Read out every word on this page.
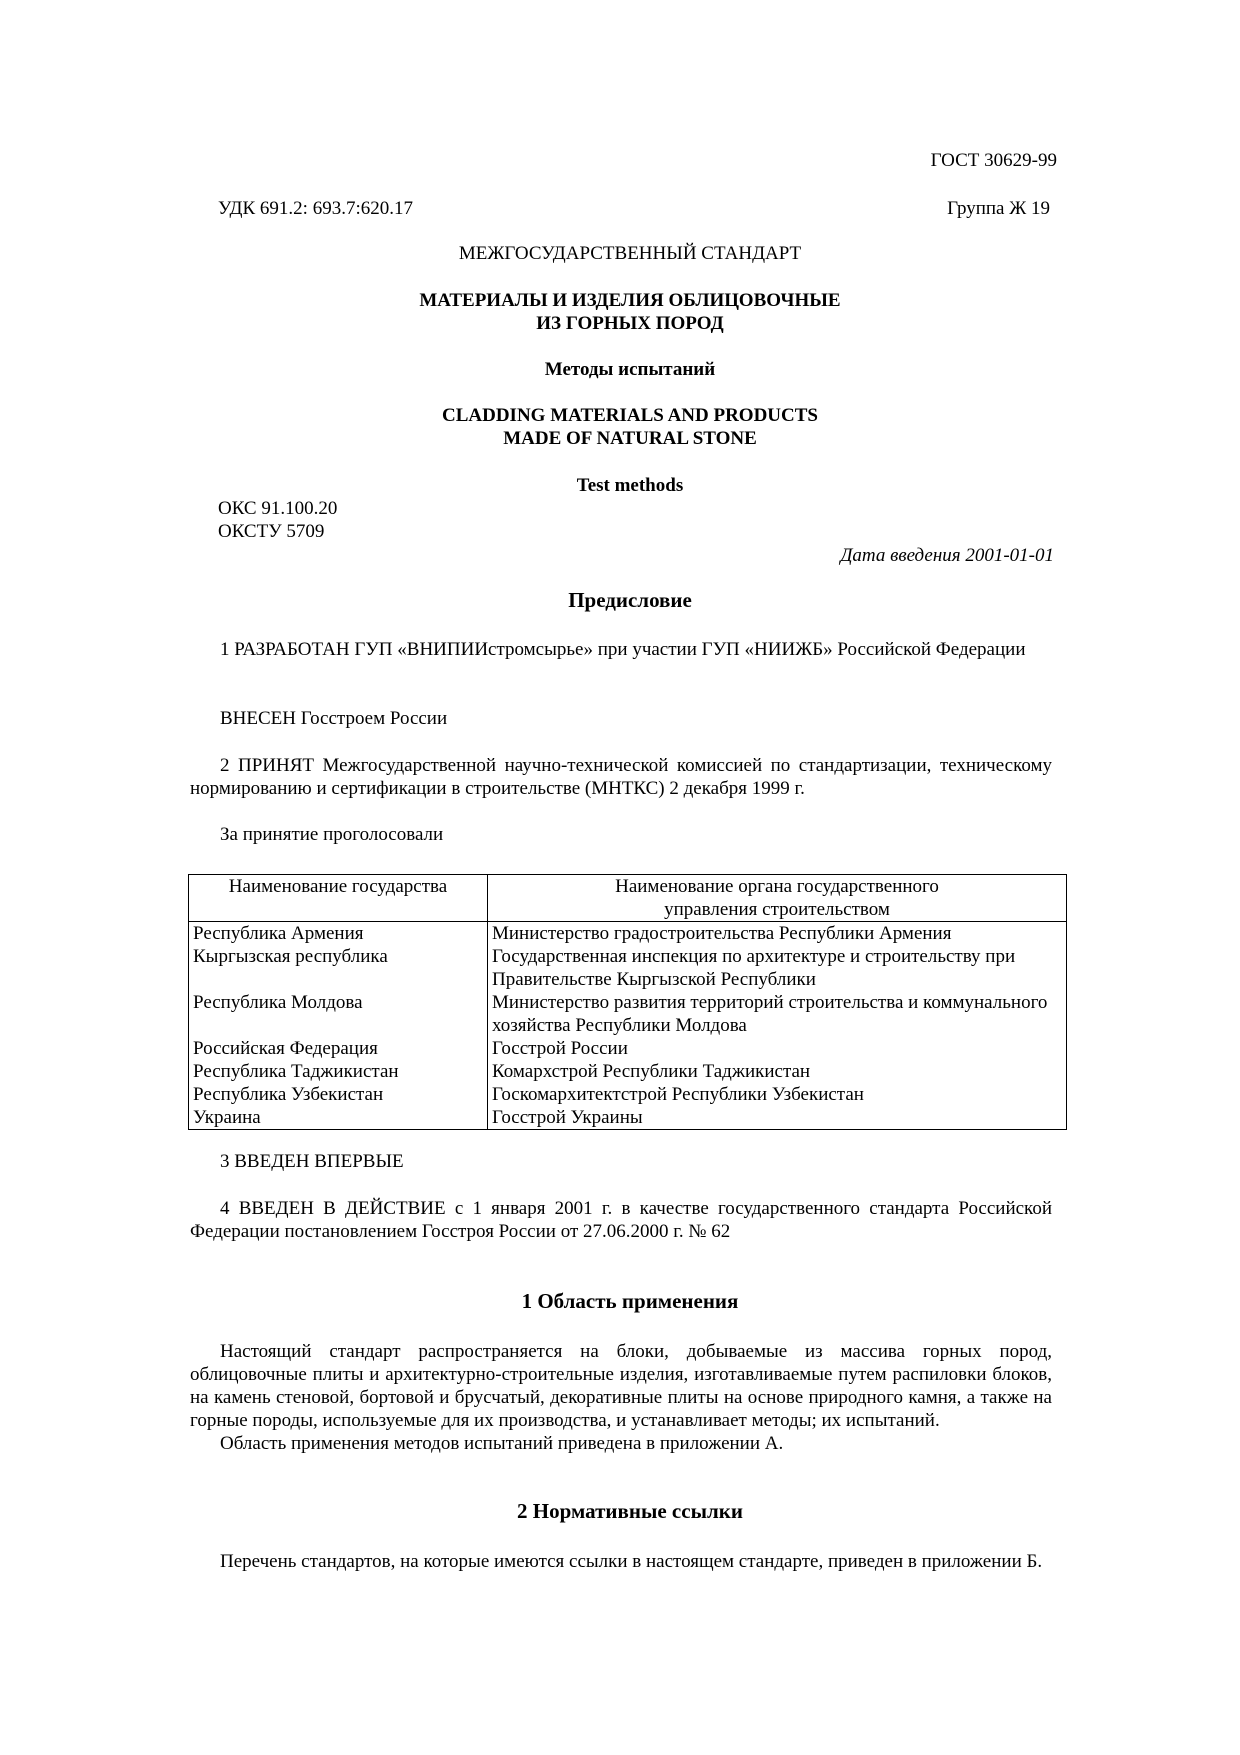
ГОСТ 30629-99
УДК 691.2: 693.7:620.17	Группа Ж 19
МЕЖГОСУДАРСТВЕННЫЙ СТАНДАРТ
МАТЕРИАЛЫ И ИЗДЕЛИЯ ОБЛИЦОВОЧНЫЕ
ИЗ ГОРНЫХ ПОРОД
Методы испытаний
CLADDING MATERIALS AND PRODUCTS
MADE OF NATURAL STONE
Test methods
ОКС 91.100.20
ОКСТУ 5709
Дата введения 2001-01-01
Предисловие

1 РАЗРАБОТАН ГУП «ВНИПИИстромсырье» при участии ГУП «НИИЖБ» Российской Федерации

ВНЕСЕН Госстроем России

2 ПРИНЯТ Межгосударственной научно-технической комиссией по стандартизации, техническому нормированию и сертификации в строительстве (МНТКС) 2 декабря 1999 г.

За принятие проголосовали

Наименование государства	Наименование органа государственного
управления строительством
Республика Армения	Министерство градостроительства Республики Армения
Кыргызская республика	Государственная инспекция по архитектуре и строительству при Правительстве Кыргызской Республики
Республика Молдова	Министерство развития территорий строительства и коммунального хозяйства Республики Молдова
Российская Федерация	Госстрой России
Республика Таджикистан	Комархстрой Республики Таджикистан
Республика Узбекистан	Госкомархитектстрой Республики Узбекистан
Украина	Госстрой Украины

3 ВВЕДЕН ВПЕРВЫЕ

4 ВВЕДЕН В ДЕЙСТВИЕ с 1 января 2001 г. в качестве государственного стандарта Российской Федерации постановлением Госстроя России от 27.06.2000 г. № 62

1 Область применения

Настоящий стандарт распространяется на блоки, добываемые из массива горных пород, облицовочные плиты и архитектурно-строительные изделия, изготавливаемые путем распиловки блоков, на камень стеновой, бортовой и брусчатый, декоративные плиты на основе природного камня, а также на горные породы, используемые для их производства, и устанавливает методы; их испытаний.

Область применения методов испытаний приведена в приложении А.

2 Нормативные ссылки

Перечень стандартов, на которые имеются ссылки в настоящем стандарте, приведен в приложении Б.
